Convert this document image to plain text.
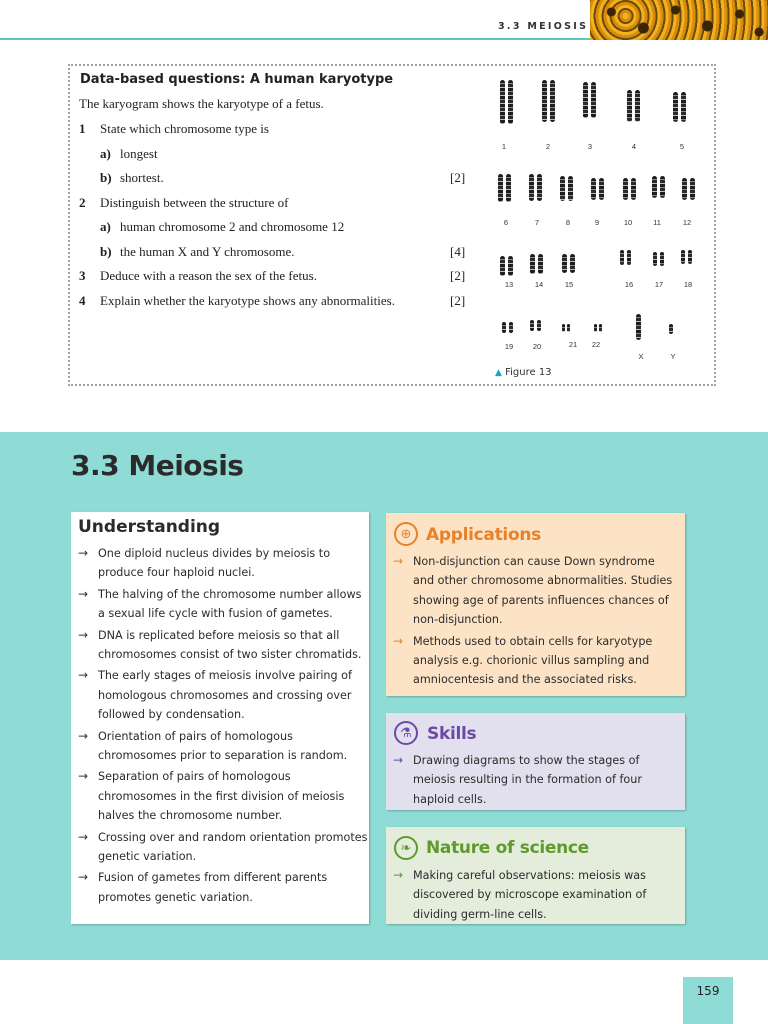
3.3 MEIOSIS
Data-based questions: A human karyotype
The karyogram shows the karyotype of a fetus.
1 State which chromosome type is
a) longest
b) shortest.	[2]
2 Distinguish between the structure of
a) human chromosome 2 and chromosome 12
b) the human X and Y chromosome.	[4]
3 Deduce with a reason the sex of the fetus.	[2]
4 Explain whether the karyotype shows any abnormalities.	[2]
1	2	3	4	5
6	7	8	9	10	11	12
13	14	15	16	17	18
19	20	21	22
X	Y
▲ Figure 13
3.3 Meiosis
Understanding	⊕ Applications
⚗ Skills
❧ Nature of science
159
→ One diploid nucleus divides by meiosis to
produce four haploid nuclei.
→ The halving of the chromosome number allows
a sexual life cycle with fusion of gametes.
→ DNA is replicated before meiosis so that all
chromosomes consist of two sister chromatids.
→ The early stages of meiosis involve pairing of
homologous chromosomes and crossing over
followed by condensation.
→ Orientation of pairs of homologous
chromosomes prior to separation is random.
→ Separation of pairs of homologous
chromosomes in the first division of meiosis
halves the chromosome number.
→ Crossing over and random orientation promotes
genetic variation.
→ Fusion of gametes from different parents
promotes genetic variation.
→ Non-disjunction can cause Down syndrome
and other chromosome abnormalities. Studies
showing age of parents influences chances of
non-disjunction.
→ Methods used to obtain cells for karyotype
analysis e.g. chorionic villus sampling and
amniocentesis and the associated risks.
→ Drawing diagrams to show the stages of
meiosis resulting in the formation of four
haploid cells.
→ Making careful observations: meiosis was
discovered by microscope examination of
dividing germ-line cells.
